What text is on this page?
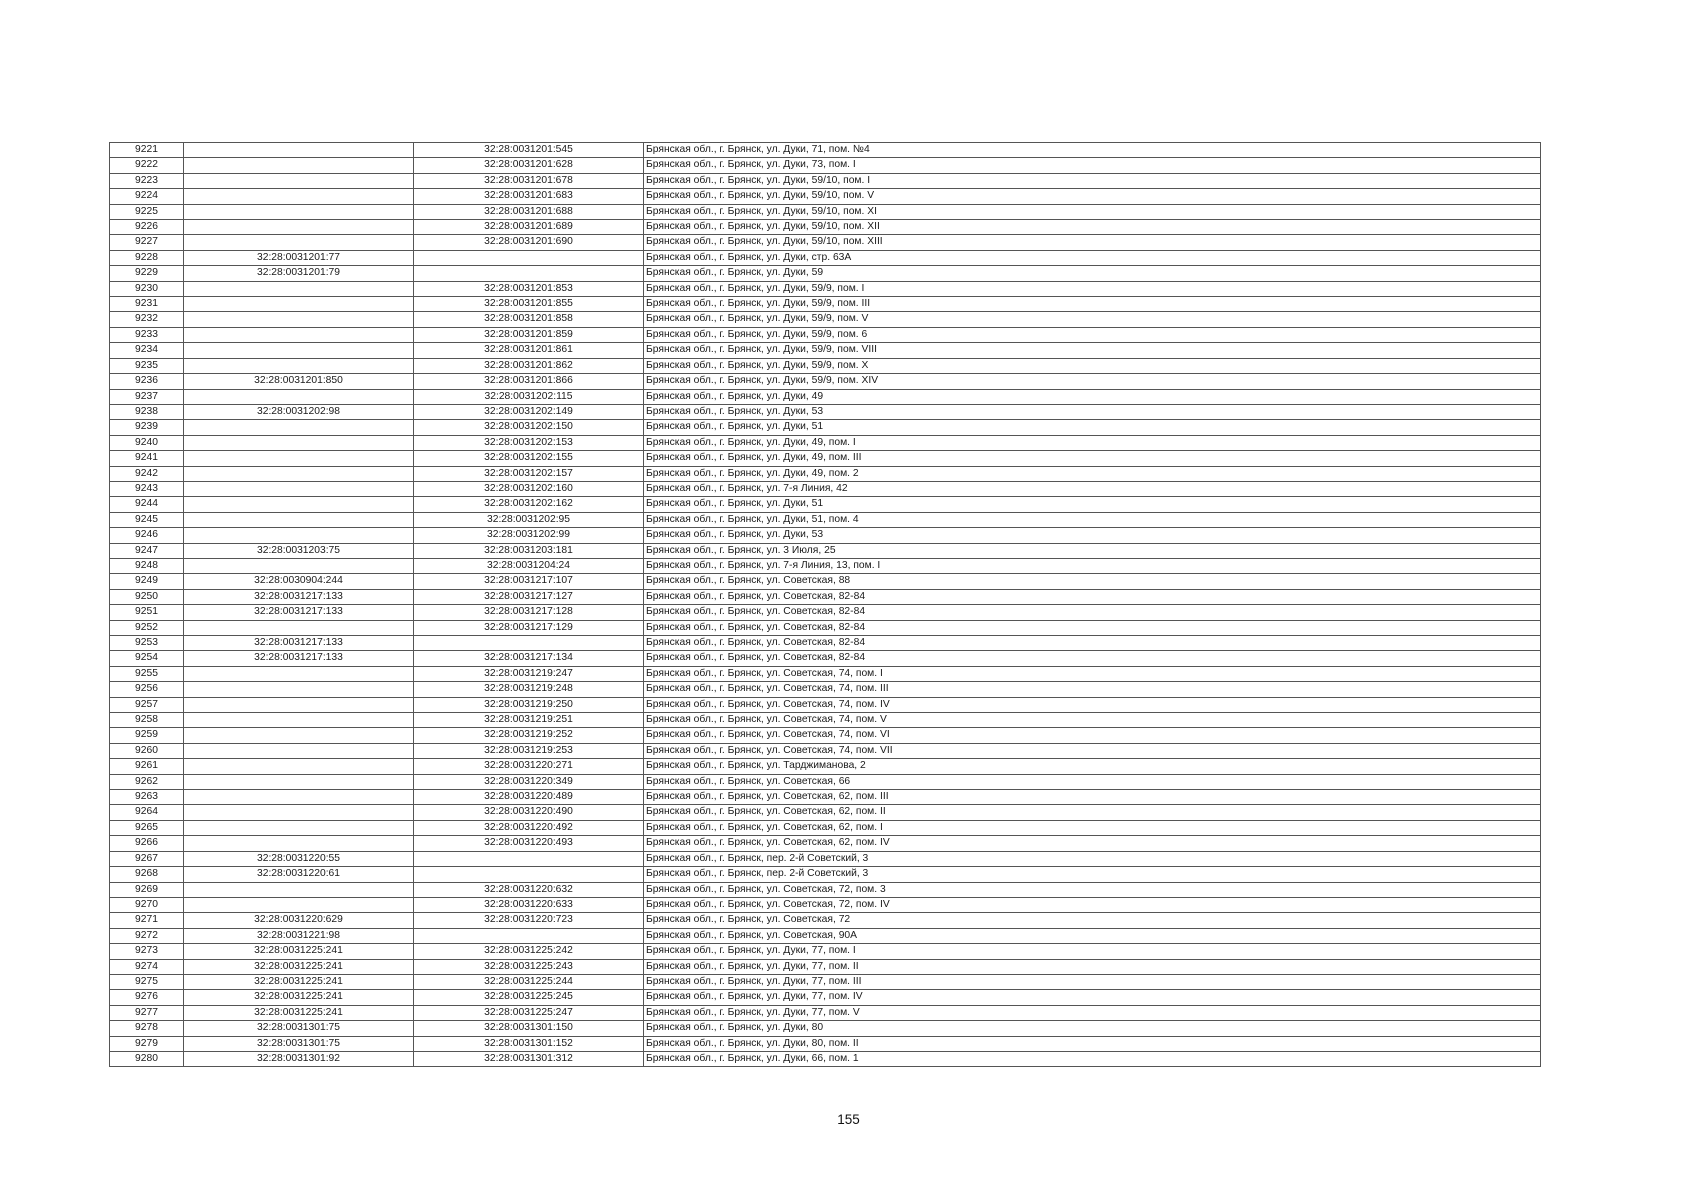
9221		32:28:0031201:545	Брянская обл., г. Брянск, ул. Дуки, 71, пом. №4
9222		32:28:0031201:628	Брянская обл., г. Брянск, ул. Дуки, 73, пом. I
9223		32:28:0031201:678	Брянская обл., г. Брянск, ул. Дуки, 59/10, пом. I
9224		32:28:0031201:683	Брянская обл., г. Брянск, ул. Дуки, 59/10, пом. V
9225		32:28:0031201:688	Брянская обл., г. Брянск, ул. Дуки, 59/10, пом. XI
9226		32:28:0031201:689	Брянская обл., г. Брянск, ул. Дуки, 59/10, пом. XII
9227		32:28:0031201:690	Брянская обл., г. Брянск, ул. Дуки, 59/10, пом. XIII
9228	32:28:0031201:77		Брянская обл., г. Брянск, ул. Дуки, стр. 63А
9229	32:28:0031201:79		Брянская обл., г. Брянск, ул. Дуки, 59
9230		32:28:0031201:853	Брянская обл., г. Брянск, ул. Дуки, 59/9, пом. I
9231		32:28:0031201:855	Брянская обл., г. Брянск, ул. Дуки, 59/9, пом. III
9232		32:28:0031201:858	Брянская обл., г. Брянск, ул. Дуки, 59/9, пом. V
9233		32:28:0031201:859	Брянская обл., г. Брянск, ул. Дуки, 59/9, пом. 6
9234		32:28:0031201:861	Брянская обл., г. Брянск, ул. Дуки, 59/9, пом. VIII
9235		32:28:0031201:862	Брянская обл., г. Брянск, ул. Дуки, 59/9, пом. X
9236	32:28:0031201:850	32:28:0031201:866	Брянская обл., г. Брянск, ул. Дуки, 59/9, пом. XIV
9237		32:28:0031202:115	Брянская обл., г. Брянск, ул. Дуки, 49
9238	32:28:0031202:98	32:28:0031202:149	Брянская обл., г. Брянск, ул. Дуки, 53
9239		32:28:0031202:150	Брянская обл., г. Брянск, ул. Дуки, 51
9240		32:28:0031202:153	Брянская обл., г. Брянск, ул. Дуки, 49, пом. I
9241		32:28:0031202:155	Брянская обл., г. Брянск, ул. Дуки, 49, пом. III
9242		32:28:0031202:157	Брянская обл., г. Брянск, ул. Дуки, 49, пом. 2
9243		32:28:0031202:160	Брянская обл., г. Брянск, ул. 7-я Линия, 42
9244		32:28:0031202:162	Брянская обл., г. Брянск, ул. Дуки, 51
9245		32:28:0031202:95	Брянская обл., г. Брянск, ул. Дуки, 51, пом. 4
9246		32:28:0031202:99	Брянская обл., г. Брянск, ул. Дуки, 53
9247	32:28:0031203:75	32:28:0031203:181	Брянская обл., г. Брянск, ул. 3 Июля, 25
9248		32:28:0031204:24	Брянская обл., г. Брянск, ул. 7-я Линия, 13, пом. I
9249	32:28:0030904:244	32:28:0031217:107	Брянская обл., г. Брянск, ул. Советская, 88
9250	32:28:0031217:133	32:28:0031217:127	Брянская обл., г. Брянск, ул. Советская, 82-84
9251	32:28:0031217:133	32:28:0031217:128	Брянская обл., г. Брянск, ул. Советская, 82-84
9252		32:28:0031217:129	Брянская обл., г. Брянск, ул. Советская, 82-84
9253	32:28:0031217:133		Брянская обл., г. Брянск, ул. Советская, 82-84
9254	32:28:0031217:133	32:28:0031217:134	Брянская обл., г. Брянск, ул. Советская, 82-84
9255		32:28:0031219:247	Брянская обл., г. Брянск, ул. Советская, 74, пом. I
9256		32:28:0031219:248	Брянская обл., г. Брянск, ул. Советская, 74, пом. III
9257		32:28:0031219:250	Брянская обл., г. Брянск, ул. Советская, 74, пом. IV
9258		32:28:0031219:251	Брянская обл., г. Брянск, ул. Советская, 74, пом. V
9259		32:28:0031219:252	Брянская обл., г. Брянск, ул. Советская, 74, пом. VI
9260		32:28:0031219:253	Брянская обл., г. Брянск, ул. Советская, 74, пом. VII
9261		32:28:0031220:271	Брянская обл., г. Брянск, ул. Тарджиманова, 2
9262		32:28:0031220:349	Брянская обл., г. Брянск, ул. Советская, 66
9263		32:28:0031220:489	Брянская обл., г. Брянск, ул. Советская, 62, пом. III
9264		32:28:0031220:490	Брянская обл., г. Брянск, ул. Советская, 62, пом. II
9265		32:28:0031220:492	Брянская обл., г. Брянск, ул. Советская, 62, пом. I
9266		32:28:0031220:493	Брянская обл., г. Брянск, ул. Советская, 62, пом. IV
9267	32:28:0031220:55		Брянская обл., г. Брянск, пер. 2-й Советский, 3
9268	32:28:0031220:61		Брянская обл., г. Брянск, пер. 2-й Советский, 3
9269		32:28:0031220:632	Брянская обл., г. Брянск, ул. Советская, 72, пом. 3
9270		32:28:0031220:633	Брянская обл., г. Брянск, ул. Советская, 72, пом. IV
9271	32:28:0031220:629	32:28:0031220:723	Брянская обл., г. Брянск, ул. Советская, 72
9272	32:28:0031221:98		Брянская обл., г. Брянск, ул. Советская, 90А
9273	32:28:0031225:241	32:28:0031225:242	Брянская обл., г. Брянск, ул. Дуки, 77, пом. I
9274	32:28:0031225:241	32:28:0031225:243	Брянская обл., г. Брянск, ул. Дуки, 77, пом. II
9275	32:28:0031225:241	32:28:0031225:244	Брянская обл., г. Брянск, ул. Дуки, 77, пом. III
9276	32:28:0031225:241	32:28:0031225:245	Брянская обл., г. Брянск, ул. Дуки, 77, пом. IV
9277	32:28:0031225:241	32:28:0031225:247	Брянская обл., г. Брянск, ул. Дуки, 77, пом. V
9278	32:28:0031301:75	32:28:0031301:150	Брянская обл., г. Брянск, ул. Дуки, 80
9279	32:28:0031301:75	32:28:0031301:152	Брянская обл., г. Брянск, ул. Дуки, 80, пом. II
9280	32:28:0031301:92	32:28:0031301:312	Брянская обл., г. Брянск, ул. Дуки, 66, пом. 1
155
